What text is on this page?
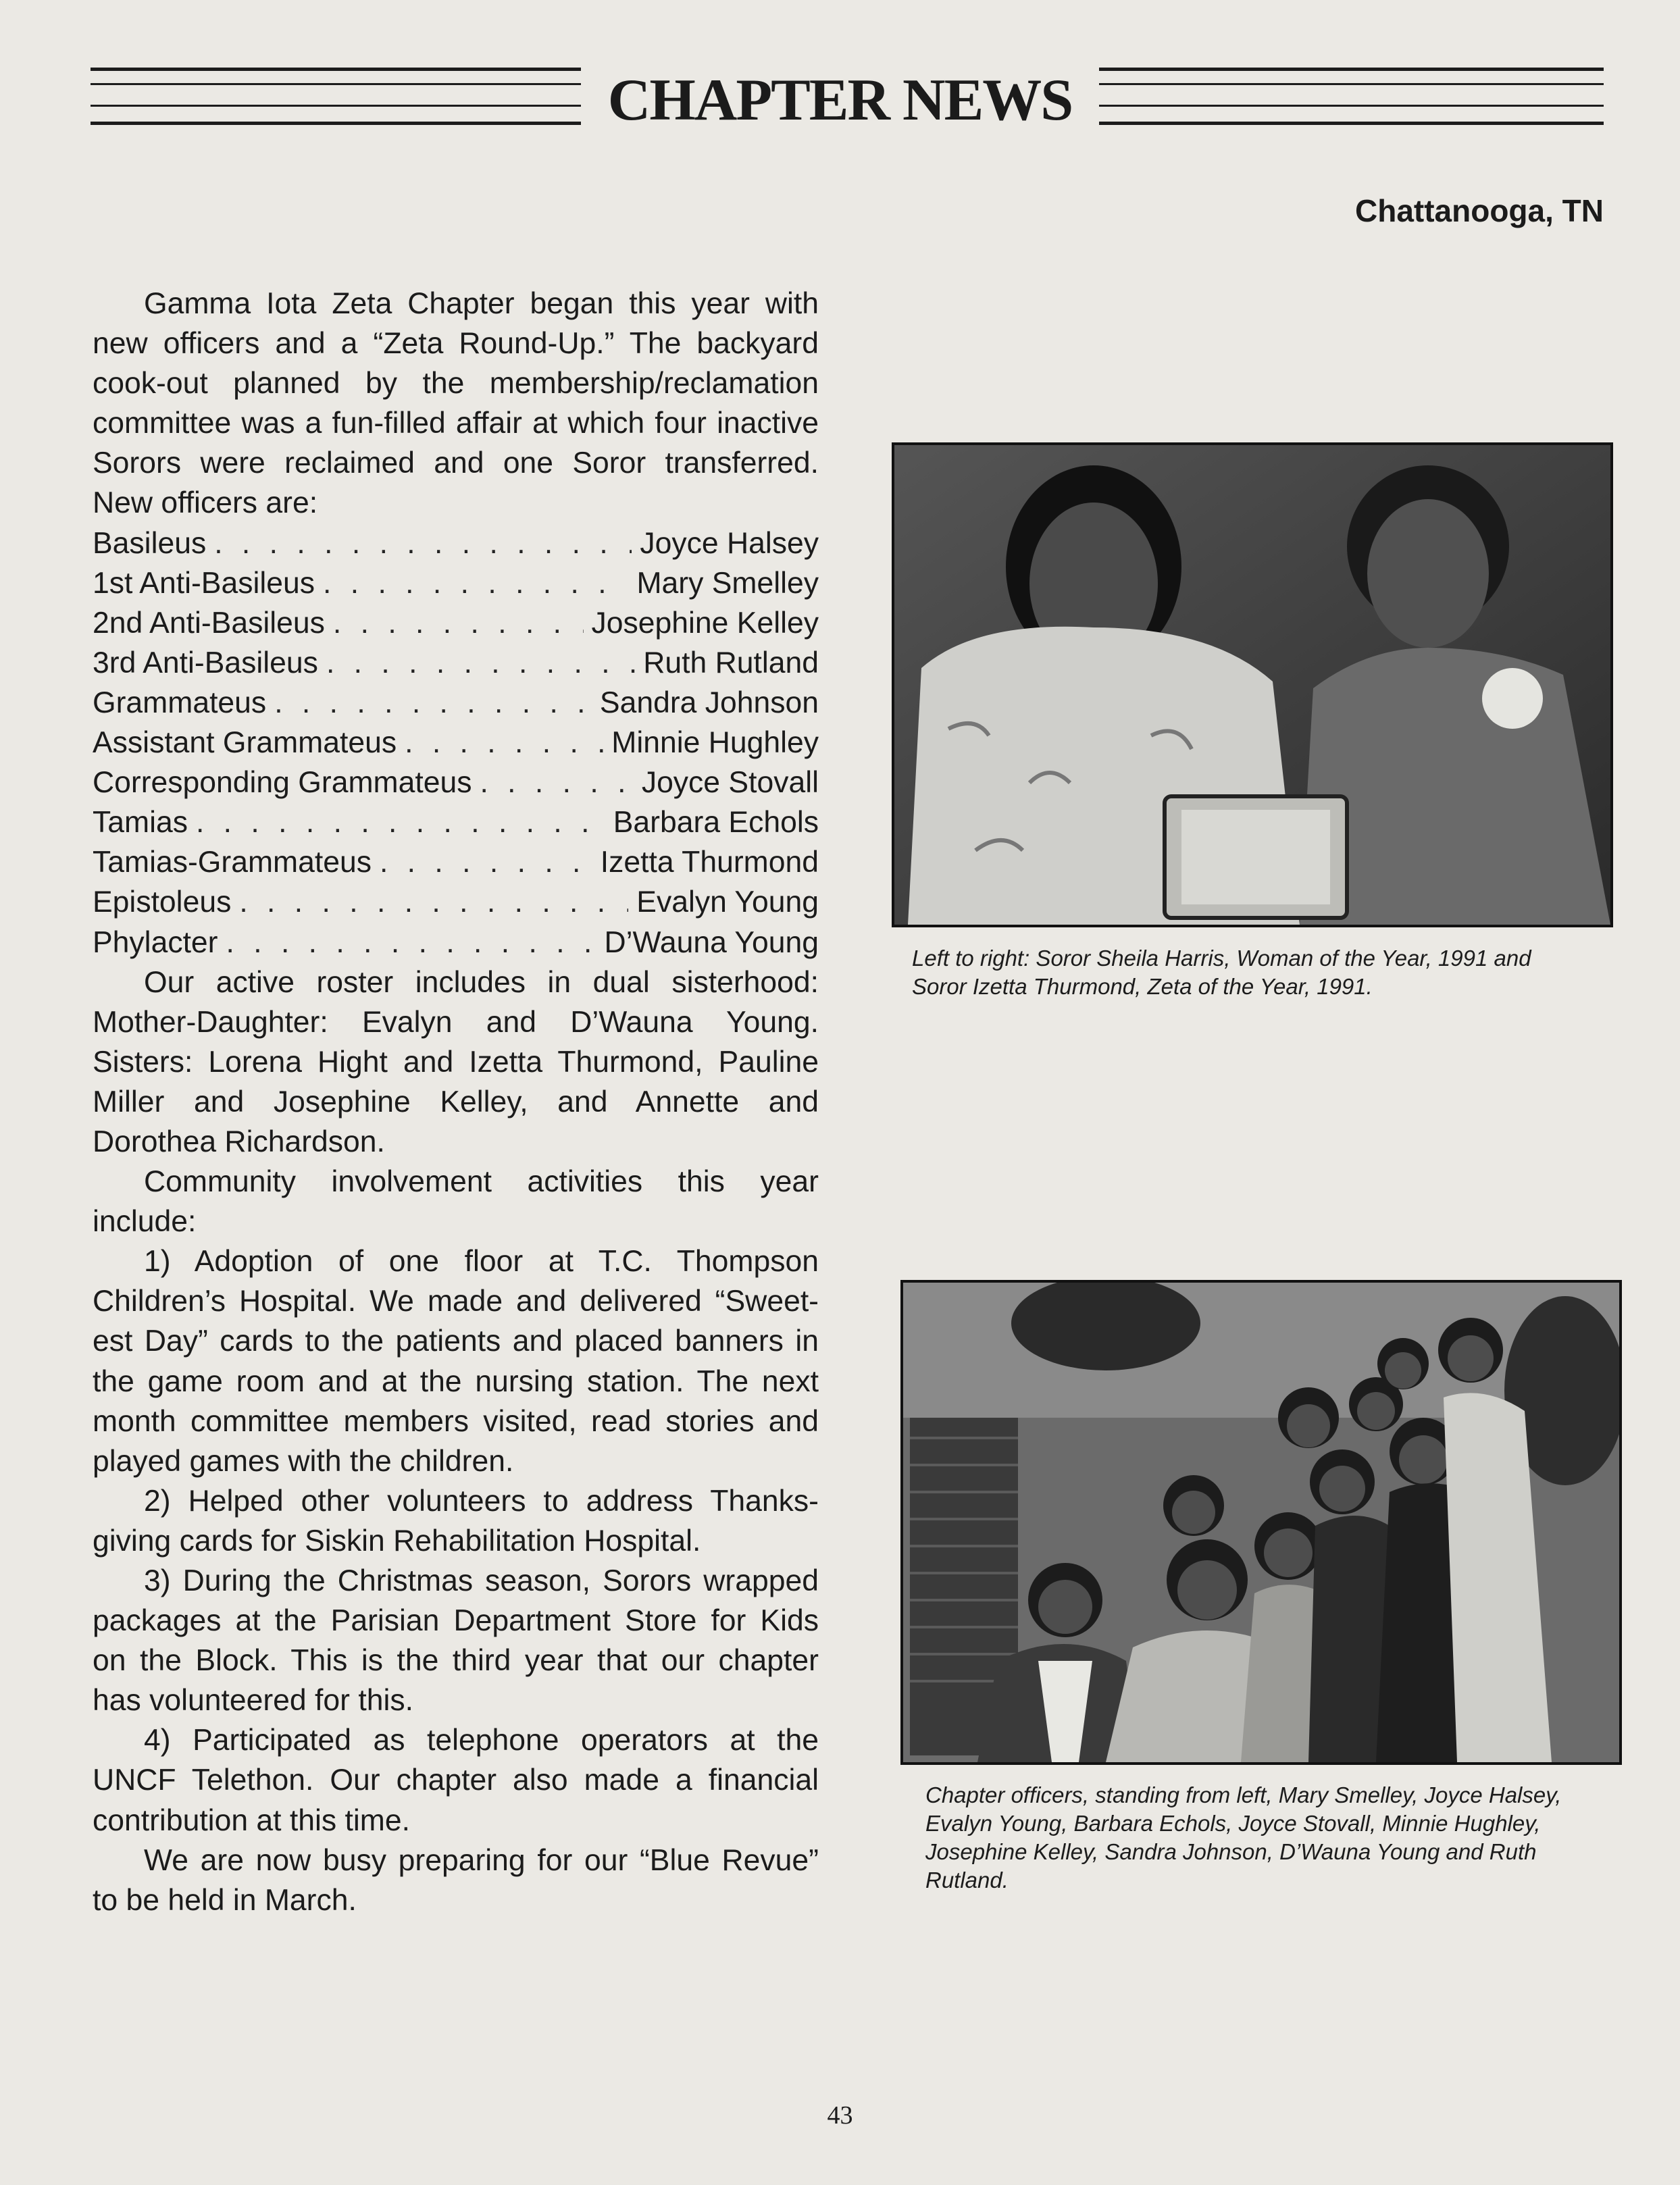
CHAPTER NEWS
Chattanooga, TN

Gamma Iota Zeta Chapter began this year with new officers and a “Zeta Round-Up.” The backyard cook-out planned by the membership/reclamation committee was a fun-filled affair at which four inactive Sorors were reclaimed and one Soror transferred. New officers are:

Basileus . . .	Joyce Halsey
1st Anti-Basileus . . .	Mary Smelley
2nd Anti-Basileus . . .	Josephine Kelley
3rd Anti-Basileus . . .	Ruth Rutland
Grammateus . . .	Sandra Johnson
Assistant Grammateus . . .	Minnie Hughley
Corresponding Grammateus . . .	Joyce Stovall
Tamias . . .	Barbara Echols
Tamias-Grammateus . . .	Izetta Thurmond
Epistoleus . . .	Evalyn Young
Phylacter . . .	D’Wauna Young

Our active roster includes in dual sisterhood: Mother-Daughter: Evalyn and D’Wauna Young. Sisters: Lorena Hight and Izetta Thurmond, Pauline Miller and Josephine Kelley, and Annette and Dorothea Richardson.

Community involvement activities this year include:

1) Adoption of one floor at T.C. Thompson Children’s Hospital. We made and delivered “Sweet-est Day” cards to the patients and placed banners in the game room and at the nursing station. The next month committee members visited, read stories and played games with the children.

2) Helped other volunteers to address Thanks-giving cards for Siskin Rehabilitation Hospital.

3) During the Christmas season, Sorors wrapped packages at the Parisian Department Store for Kids on the Block. This is the third year that our chapter has volunteered for this.

4) Participated as telephone operators at the UNCF Telethon. Our chapter also made a financial contribution at this time.

We are now busy preparing for our “Blue Revue” to be held in March.

Left to right: Soror Sheila Harris, Woman of the Year, 1991 and Soror Izetta Thurmond, Zeta of the Year, 1991.
Chapter officers, standing from left, Mary Smelley, Joyce Halsey, Evalyn Young, Barbara Echols, Joyce Stovall, Minnie Hughley, Josephine Kelley, Sandra Johnson, D’Wauna Young and Ruth Rutland.
43
